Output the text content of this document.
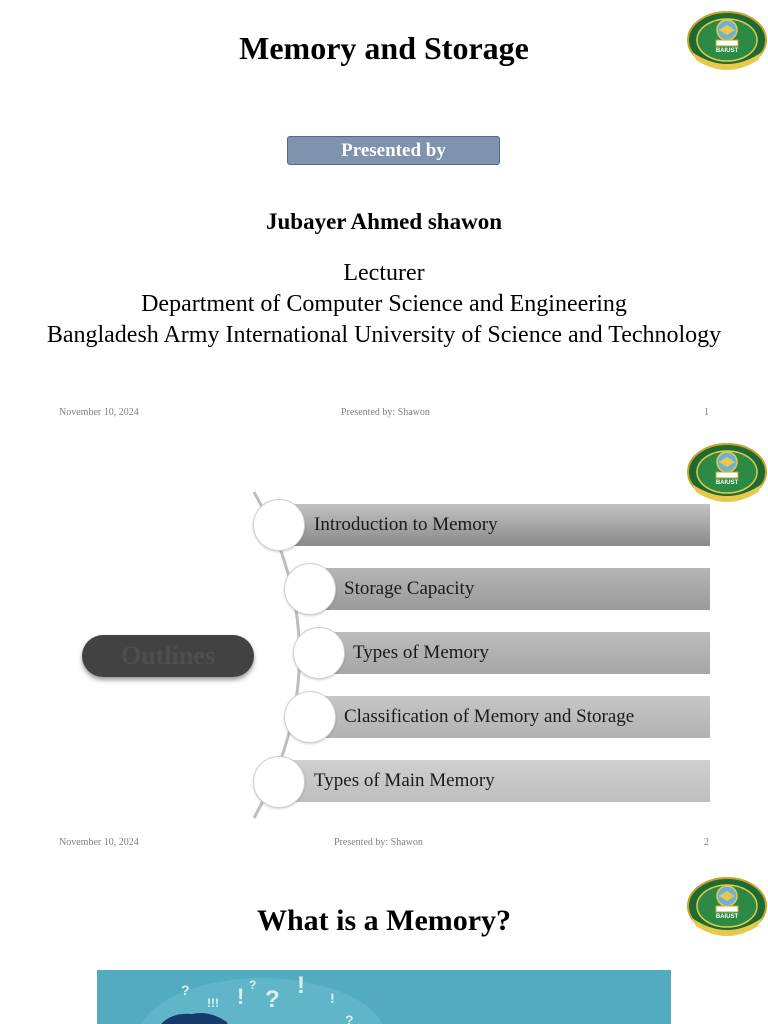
BAIUST
Memory and Storage
Presented by
Jubayer Ahmed shawon
Lecturer
Department of Computer Science and Engineering
Bangladesh Army International University of Science and Technology
November 10, 2024	Presented by: Shawon	1
BAIUST
Outlines
Introduction to Memory
Storage Capacity
Types of Memory
Classification of Memory and Storage
Types of Main Memory
November 10, 2024	Presented by: Shawon	2
BAIUST
What is a Memory?
?
!!! ! ?
?
! !
?
